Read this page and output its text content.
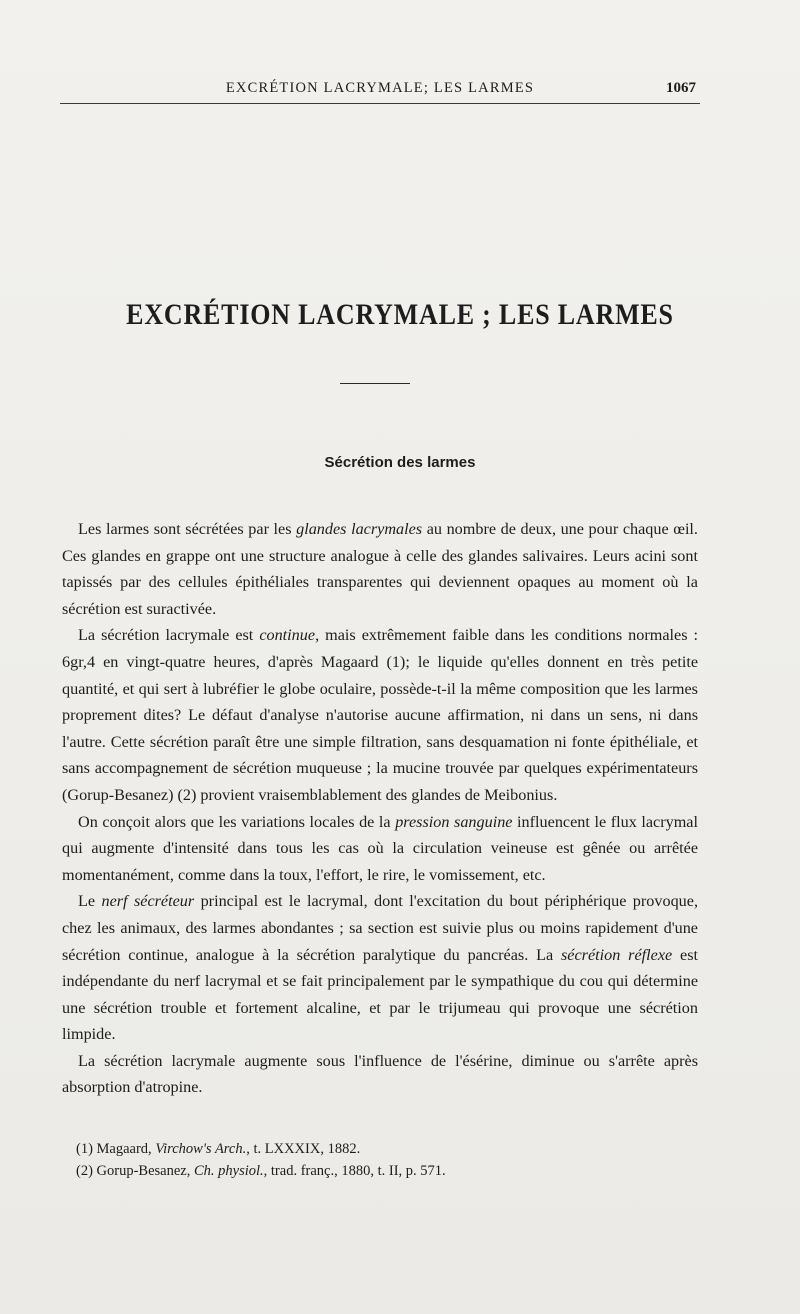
EXCRÉTION LACRYMALE; LES LARMES	1067
EXCRÉTION LACRYMALE ; LES LARMES
Sécrétion des larmes

Les larmes sont sécrétées par les glandes lacrymales au nombre de deux, une pour chaque œil. Ces glandes en grappe ont une structure analogue à celle des glandes salivaires. Leurs acini sont tapissés par des cellules épithéliales transparentes qui deviennent opaques au moment où la sécrétion est suractivée.

La sécrétion lacrymale est continue, mais extrêmement faible dans les conditions normales : 6gr,4 en vingt-quatre heures, d'après Magaard (1); le liquide qu'elles donnent en très petite quantité, et qui sert à lubréfier le globe oculaire, possède-t-il la même composition que les larmes proprement dites? Le défaut d'analyse n'autorise aucune affirmation, ni dans un sens, ni dans l'autre. Cette sécrétion paraît être une simple filtration, sans desquamation ni fonte épithéliale, et sans accompagnement de sécrétion muqueuse ; la mucine trouvée par quelques expérimentateurs (Gorup-Besanez) (2) provient vraisemblablement des glandes de Meibonius.

On conçoit alors que les variations locales de la pression sanguine influencent le flux lacrymal qui augmente d'intensité dans tous les cas où la circulation veineuse est gênée ou arrêtée momentanément, comme dans la toux, l'effort, le rire, le vomissement, etc.

Le nerf sécréteur principal est le lacrymal, dont l'excitation du bout périphérique provoque, chez les animaux, des larmes abondantes ; sa section est suivie plus ou moins rapidement d'une sécrétion continue, analogue à la sécrétion paralytique du pancréas. La sécrétion réflexe est indépendante du nerf lacrymal et se fait principalement par le sympathique du cou qui détermine une sécrétion trouble et fortement alcaline, et par le trijumeau qui provoque une sécrétion limpide.

La sécrétion lacrymale augmente sous l'influence de l'ésérine, diminue ou s'arrête après absorption d'atropine.

(1) Magaard, Virchow's Arch., t. LXXXIX, 1882.

(2) Gorup-Besanez, Ch. physiol., trad. franç., 1880, t. II, p. 571.
